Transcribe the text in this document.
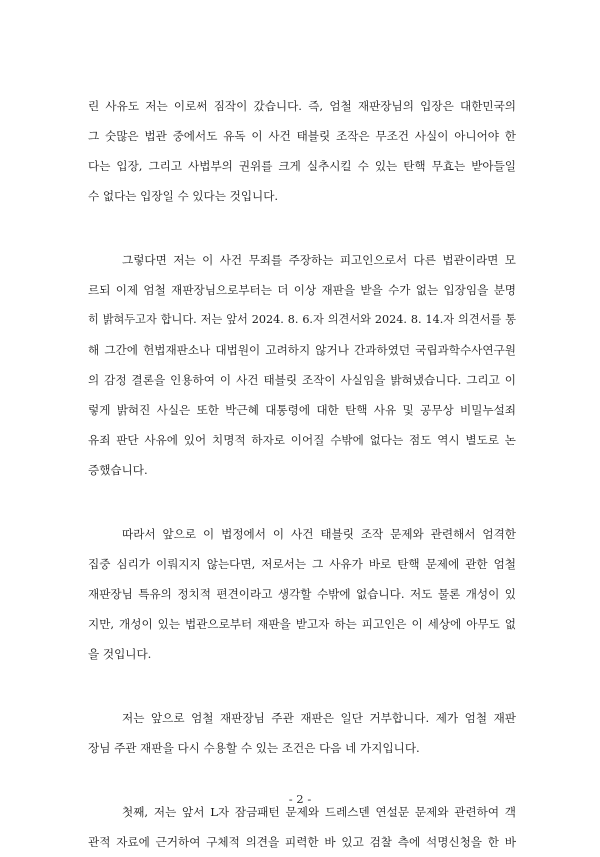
린 사유도 저는 이로써 짐작이 갔습니다. 즉, 엄철 재판장님의 입장은 대한민국의
그 숫많은 법관 중에서도 유독 이 사건 태블릿 조작은 무조건 사실이 아니어야 한
다는 입장, 그리고 사법부의 권위를 크게 실추시킬 수 있는 탄핵 무효는 받아들일
수 없다는 입장일 수 있다는 것입니다.
그렇다면 저는 이 사건 무죄를 주장하는 피고인으로서 다른 법관이라면 모
르되 이제 엄철 재판장님으로부터는 더 이상 재판을 받을 수가 없는 입장임을 분명
히 밝혀두고자 합니다. 저는 앞서 2024. 8. 6.자 의견서와 2024. 8. 14.자 의견서를 통
해 그간에 헌법재판소나 대법원이 고려하지 않거나 간과하였던 국립과학수사연구원
의 감정 결론을 인용하여 이 사건 태블릿 조작이 사실임을 밝혀냈습니다. 그리고 이
렇게 밝혀진 사실은 또한 박근혜 대통령에 대한 탄핵 사유 및 공무상 비밀누설죄
유죄 판단 사유에 있어 치명적 하자로 이어질 수밖에 없다는 점도 역시 별도로 논
증했습니다.
따라서 앞으로 이 법정에서 이 사건 태블릿 조작 문제와 관련해서 엄격한
집중 심리가 이뤄지지 않는다면, 저로서는 그 사유가 바로 탄핵 문제에 관한 엄철
재판장님 특유의 정치적 편견이라고 생각할 수밖에 없습니다. 저도 물론 개성이 있
지만, 개성이 있는 법관으로부터 재판을 받고자 하는 피고인은 이 세상에 아무도 없
을 것입니다.
저는 앞으로 엄철 재판장님 주관 재판은 일단 거부합니다. 제가 엄철 재판
장님 주관 재판을 다시 수용할 수 있는 조건은 다음 네 가지입니다.
첫째, 저는 앞서 L자 잠금패턴 문제와 드레스덴 연설문 문제와 관련하여 객
관적 자료에 근거하여 구체적 의견을 피력한 바 있고 검찰 측에 석명신청을 한 바
- 2 -
